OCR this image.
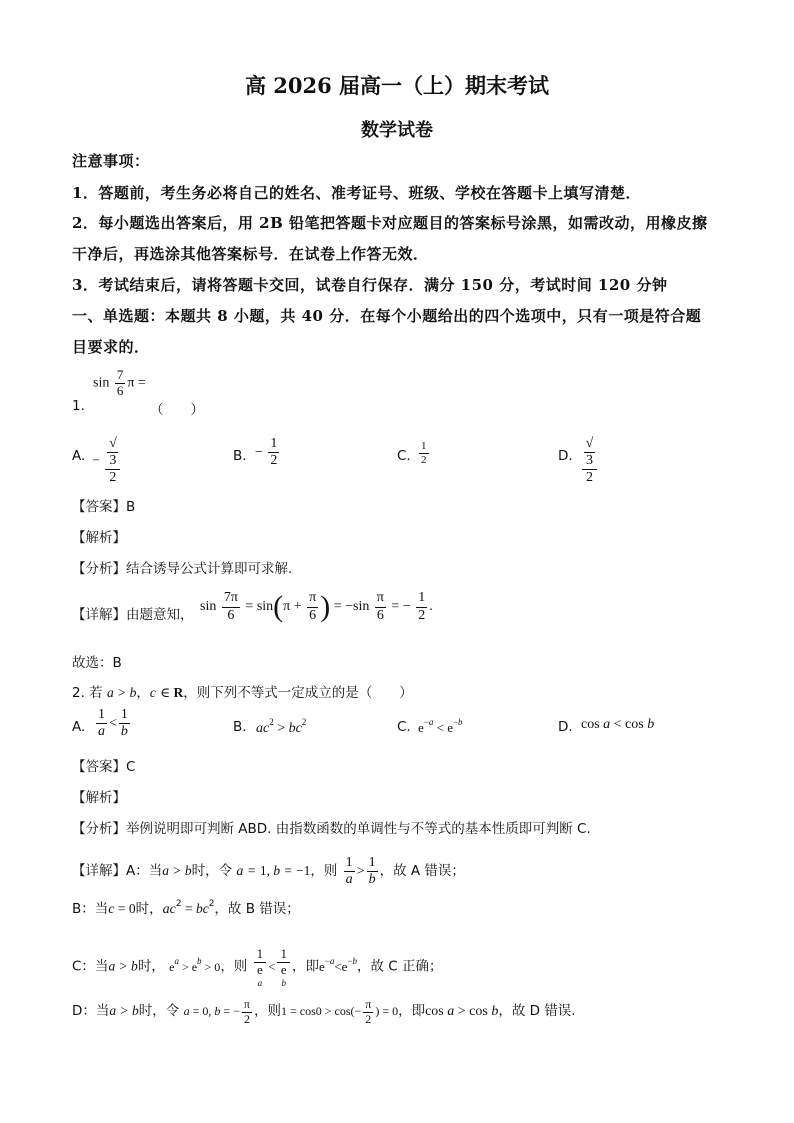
高 2026 届高一（上）期末考试
数学试卷
注意事项：
1．答题前，考生务必将自己的姓名、准考证号、班级、学校在答题卡上填写清楚．
2．每小题选出答案后，用 2B 铅笔把答题卡对应题目的答案标号涂黑，如需改动，用橡皮擦
干净后，再选涂其他答案标号．在试卷上作答无效．
3．考试结束后，请将答题卡交回，试卷自行保存．满分 150 分，考试时间 120 分钟
一、单选题：本题共 8 小题，共 40 分．在每个小题给出的四个选项中，只有一项是符合题
目要求的．
$\sin \frac{7}{6}$ π =
1.	（　　）
A. − √
3
2	B. − $\frac{1}{2}$	C. $\frac{1}{2}$	D. √
3
2
【答案】B
【解析】
【分析】结合诱导公式计算即可求解.
【详解】由题意知，
$\sin \frac{7\pi}{6} = \sin(\pi + \frac{\pi}{6}$ ) = $-\sin \frac{\pi}{6}$ = − $\frac{1}{2}$ .
故选：B
2. 若 a > b，c ∈ R，则下列不等式一定成立的是（　　）
A. $\frac{1}{a} < \frac{1}{b}$	B. $ac^2 > bc^2$	C. $e^{-a} < e^{-b}$	D. cos a < cos b
【答案】C
【解析】
【分析】举例说明即可判断 ABD. 由指数函数的单调性与不等式的基本性质即可判断 C.
【详解】A：当a > b时，令 a = 1, b = −1，则 $\frac{1}{a} > \frac{1}{b}$ ，故 A 错误；
B：当c = 0时，$ac^2 = bc^2$，故 B 错误；
C：当a > b时， $e^a > e^b > 0$，则 1
e
a < 1
e
b ，即$e^{-a}<e^{-b}$，故 C 正确；
D：当a > b时，令 a = 0, b = − $\frac{\pi}{2}$ ，则$1 = \cos 0 > \cos(- \frac{\pi}{2}$ ) = 0，即cos a > cos b，故 D 错误.
